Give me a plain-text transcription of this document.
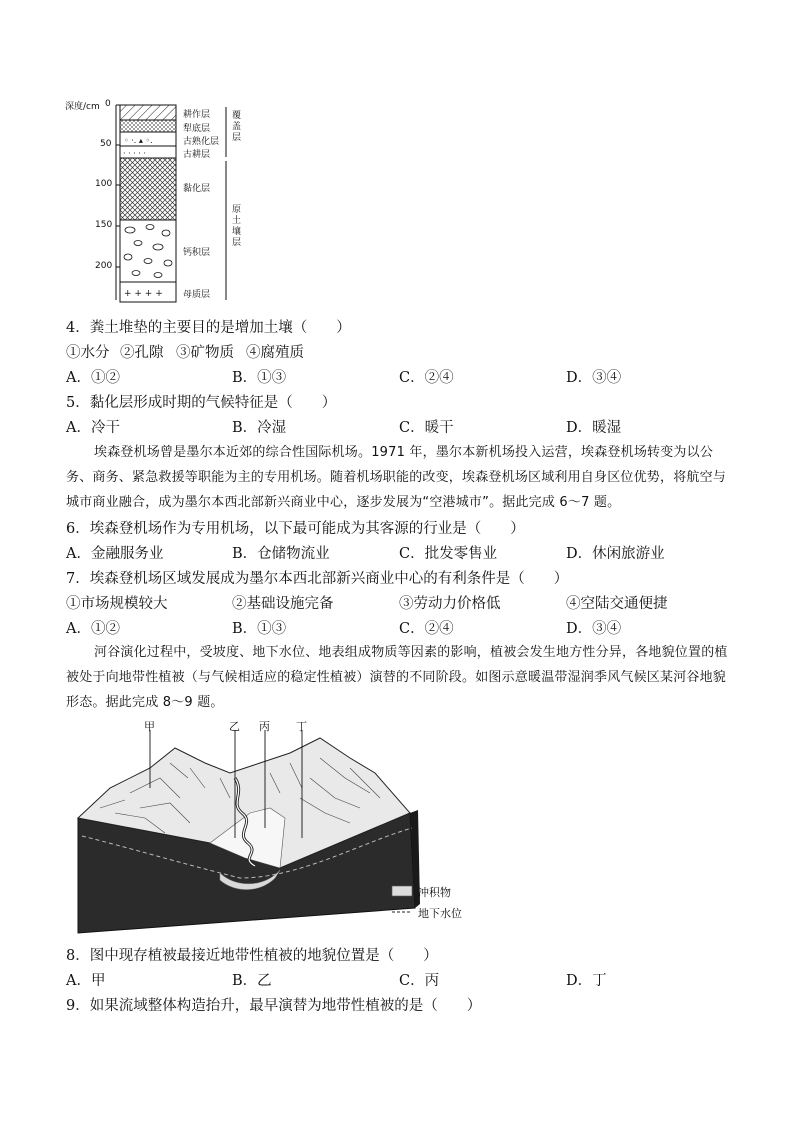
◦ ·. ▴ ◦.
· · · · ·
+ + + +
深度/cm 0
50
100
150
200
耕作层
犁底层
古熟化层
古耕层
黏化层
钙积层
母质层
覆盖层
原土壤层
4．粪土堆垫的主要目的是增加土壤（　　）
①水分 ②孔隙 ③矿物质 ④腐殖质
A．①②	B．①③	C．②④	D．③④
5．黏化层形成时期的气候特征是（　　）
A．冷干	B．冷湿	C．暖干	D．暖湿
埃森登机场曾是墨尔本近郊的综合性国际机场。1971 年，墨尔本新机场投入运营，埃森登机场转变为以公务、商务、紧急救援等职能为主的专用机场。随着机场职能的改变，埃森登机场区域利用自身区位优势，将航空与城市商业融合，成为墨尔本西北部新兴商业中心，逐步发展为“空港城市”。据此完成 6～7 题。
6．埃森登机场作为专用机场，以下最可能成为其客源的行业是（　　）
A．金融服务业	B．仓储物流业	C．批发零售业	D．休闲旅游业
7．埃森登机场区域发展成为墨尔本西北部新兴商业中心的有利条件是（　　）
①市场规模较大	②基础设施完备	③劳动力价格低	④空陆交通便捷
A．①②	B．①③	C．②④	D．③④
河谷演化过程中，受坡度、地下水位、地表组成物质等因素的影响，植被会发生地方性分异，各地貌位置的植被处于向地带性植被（与气候相适应的稳定性植被）演替的不同阶段。如图示意暖温带湿润季风气候区某河谷地貌形态。据此完成 8～9 题。
甲	乙 丙 丁
冲积物
地下水位
8．图中现存植被最接近地带性植被的地貌位置是（　　）
A．甲	B．乙	C．丙	D．丁
9．如果流域整体构造抬升，最早演替为地带性植被的是（　　）
